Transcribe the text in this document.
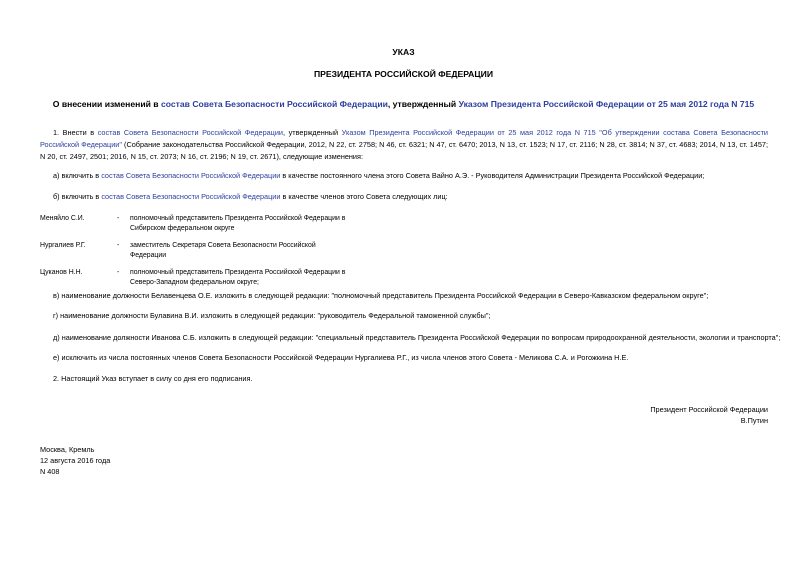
УКАЗ
ПРЕЗИДЕНТА РОССИЙСКОЙ ФЕДЕРАЦИИ
О внесении изменений в состав Совета Безопасности Российской Федерации, утвержденный Указом Президента Российской Федерации от 25 мая 2012 года N 715
1. Внести в состав Совета Безопасности Российской Федерации, утвержденный Указом Президента Российской Федерации от 25 мая 2012 года N 715 "Об утверждении состава Совета Безопасности Российской Федерации" (Собрание законодательства Российской Федерации, 2012, N 22, ст. 2758; N 46, ст. 6321; N 47, ст. 6470; 2013, N 13, ст. 1523; N 17, ст. 2116; N 28, ст. 3814; N 37, ст. 4683; 2014, N 13, ст. 1457; N 20, ст. 2497, 2501; 2016, N 15, ст. 2073; N 16, ст. 2196; N 19, ст. 2671), следующие изменения:
а) включить в состав Совета Безопасности Российской Федерации в качестве постоянного члена этого Совета Вайно А.Э. - Руководителя Администрации Президента Российской Федерации;
б) включить в состав Совета Безопасности Российской Федерации в качестве членов этого Совета следующих лиц:
Меняйло С.И.	- полномочный представитель Президента Российской Федерации в
Сибирском федеральном округе
Нургалиев Р.Г.	- заместитель Секретаря Совета Безопасности Российской
Федерации
Цуканов Н.Н.	- полномочный представитель Президента Российской Федерации в
Северо-Западном федеральном округе;
в) наименование должности Белавенцева О.Е. изложить в следующей редакции: "полномочный представитель Президента Российской Федерации в Северо-Кавказском федеральном округе";
г) наименование должности Булавина В.И. изложить в следующей редакции: "руководитель Федеральной таможенной службы";
д) наименование должности Иванова С.Б. изложить в следующей редакции: "специальный представитель Президента Российской Федерации по вопросам природоохранной деятельности, экологии и транспорта";
е) исключить из числа постоянных членов Совета Безопасности Российской Федерации Нургалиева Р.Г., из числа членов этого Совета - Меликова С.А. и Рогожкина Н.Е.
2. Настоящий Указ вступает в силу со дня его подписания.
Президент Российской Федерации
В.Путин
Москва, Кремль
12 августа 2016 года
N 408
